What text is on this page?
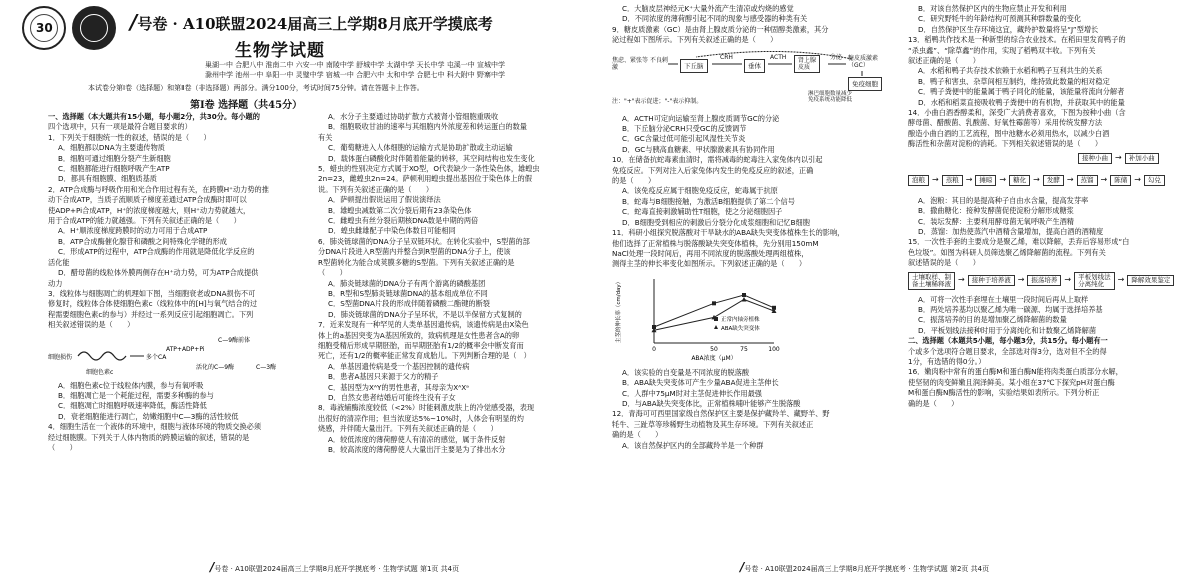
30	/号卷 · A10联盟2024届高三上学期8月底开学摸底考
生物学试题
巢湖一中 合肥八中 淮南二中 六安一中 南陵中学 舒城中学 太湖中学 天长中学 屯溪一中 宣城中学
滁州中学 池州一中 阜阳一中 灵璧中学 宿城一中 合肥六中 太和中学 合肥七中 科大附中 野寨中学
本试卷分第Ⅰ卷（选择题）和第Ⅱ卷（非选择题）两部分。满分100分，考试时间75分钟。请在答题卡上作答。
第Ⅰ卷 选择题（共45分）

一、选择题（本大题共有15小题，每小题2分，共30分。每小题的

四个选项中，只有一项是最符合题目要求的）

1．下列关于细胞统一性的叙述，错误的是（　　）

A．细胞都以DNA为主要遗传物质

B．细胞可通过细胞分裂产生新细胞

C．细胞都能进行细胞呼吸产生ATP

D．都具有细胞膜、细胞质基质

2．ATP合成酶与呼吸作用和光合作用过程有关，在跨膜H⁺动力势的推

动下合成ATP，当质子流顺质子梯度差通过ATP合成酶时即可以

使ADP+Pi合成ATP，H⁺的浓度梯度越大，则H⁺动力势就越大，

用于合成ATP的能力就越强。下列有关叙述正确的是（　　）

A．H⁺顺浓度梯度跨膜时的动力可用于合成ATP

B．ATP合成酶催化腺苷和磷酸之间特殊化学键的形成

C．形成ATP的过程中，ATP合成酶的作用就是降低化学反应的

活化能

D．醋母菌的线粒体外膜两侧存在H⁺动力势，可为ATP合成提供

动力

3．线粒体与细胞凋亡的机理如下图，当细胞衰老或DNA损伤不可

修复时，线粒体合体使细胞色素c（线粒体中的[H]与氧气结合的过

程需要细胞色素c的参与）并经过一系列反应引起细胞凋亡。下列

相关叙述错误的是（　　）

细胞损伤
细胞色素c
多个CA
ATP+ADP+Pi
C—9酶前体
活化的C—9酶	C—3酶

A．细胞色素c位于线粒体内膜，参与有氧呼吸

B．细胞凋亡是一个耗能过程，需要多种酶的参与

C．细胞凋亡时细胞呼吸速率降低，酶活性降低

D．衰老细胞能进行凋亡，幼嫩细胞中C—3酶的活性较低

4．细胞生活在一个液体的环境中，细胞与液体环境的物质交换必须

经过细胞膜。下列关于人体内物质的跨膜运输的叙述，错误的是

（　　）

A．水分子主要通过协助扩散方式被肾小管细胞重吸收

B．细胞吸收甘油的速率与其细胞内外浓度差和转运蛋白的数量

有关

C．葡萄糖进入人体细胞的运输方式是协助扩散或主动运输

D．载体蛋白磷酸化时伴随着能量的转移，其空间结构也发生变化

5．蜡虫的性别决定方式属于XO型，O代表缺少一条性染色体，雄蝗虫

2n=23，雌蝗虫2n=24。萨顿利用蝗虫提出基因位于染色体上的假

说。下列有关叙述正确的是（　　）

A．萨顿提出假说运用了假说演绎法

B．雄蝗虫减数第二次分裂后期有23条染色体

C．雌蝗虫有丝分裂后期核DNA数是中期的两倍

D．蝗虫雌雄配子中染色体数目可能相同

6．肺炎链球菌的DNA分子呈双链环状。在转化实验中，S型菌的部

分DNA片段进入R型菌内并整合到R型菌的DNA分子上，使该

R型菌转化为能合成荚膜多糖的S型菌。下列有关叙述正确的是

（　　）

A．肺炎链球菌的DNA分子有两个游离的磷酸基团

B．R型和S型肺炎链球菌DNA的基本组成单位不同

C．S型菌DNA片段的形成伴随着磷酸二酯键的断裂

D．肺炎链球菌的DNA分子呈环状，不是以半保留方式复制的

7．近来发现有一种罕见的人类单基因遗传病，该遗传病是由X染色

体上的a基因突变为A基因所致的，致病机理是女性患者含A的卵

细胞受精后形成早期胚胎，而早期胚胎有1/2的概率会中断发育而

死亡，还有1/2的概率能正常发育成胎儿。下列判断合理的是（　）

A．单基因遗传病是受一个基因控制的遗传病

B．患者A基因只来源于父方的精子

C．基因型为XᴬY的男性患者，其母亲为XᴬXᵃ

D．自然女患者结婚后可能终生没有子女

8．毒液辅酶浓度较低（<2%）时能刺激皮肤上的冷觉感受器，表现

出很好的清凉作用；但当浓度达5%~10%时，人体会有明显的灼

烧感，并伴随大量出汗。下列有关叙述正确的是（　　）

A．较低浓度的薄荷醇使人有清凉的感觉，属于条件反射

B．较高浓度的薄荷醇使人大量出汗主要是为了排出水分

/号卷 · A10联盟2024届高三上学期8月底开学摸底考 · 生物学试题 第1页 共4页

C．大脑皮层神经元K⁺大量外流产生清凉或灼烧的感觉

D．不同浓度的薄荷醇引起不同的现象与感受器的种类有关

9．糖皮质激素（GC）是由肾上腺皮质分泌的一种固醇类激素，其分

泌过程如下图所示。下列有关叙述正确的是（　　）

焦虑、紧张等 不良刺激	下丘脑
CRH
垂体
ACTH	肾上腺
皮质
分泌 糖皮质激素
（GC）
免疫细胞
淋巴细胞数量减少
免疫系统功能降低
注："+"表示促进；"-"表示抑制。

A．ACTH可定向运输至肾上腺皮质调节GC的分泌

B．下丘脑分泌CRH只受GC的反馈调节

C．GC含量过低可能引起风湿性关节炎

D．GC与胰高血糖素、甲状腺激素具有协同作用

10．在储备抗蛇毒素血清时，需将减毒的蛇毒注入家兔体内以引起

免疫反应。下列对注入后家兔体内发生的免疫反应的叙述，正确

的是（　　）

A．该免疫反应属于细胞免疫反应，蛇毒属于抗原

B．蛇毒与B细胞接触，为激活B细胞提供了第二个信号

C．蛇毒直接刺激辅助性T细胞，使之分泌细胞因子

D．B细胞受到相应的刺激后分裂分化成浆细胞和记忆B细胞

11．科研小组探究脱落酸对干旱缺水的ABA缺失突变体植株生长的影响，

他们选择了正常植株与脱落酸缺失突变体植株，先分别用150mM

NaCl处理一段时间后，再用不同浓度的脱落酸处理两组植株，

测得主茎的伸长率变化如图所示。下列叙述正确的是（　　）

0	50	75	100
ABA浓度（μM）
主茎的伸长率（cm/day）	正常内轴旁植株
ABA缺失突变体

A．该实验的自变量是不同浓度的脱落酸

B．ABA缺失突变体可产生少量ABA促进主茎伸长

C．人群中75μM时对主茎促进伸长作用最强

D．与ABA缺失突变体比，正常植株哺叶能够产生脱落酸

12．青海可可西里国家级自然保护区主要是保护藏羚羊、藏野羊、野

牦牛、三趾草等珍稀野生动植物及其生存环境。下列有关叙述正

确的是（　　）

A．该自然保护区内的全部藏羚羊是一个种群

B．对该自然保护区内的生物应禁止开发和利用

C．研究野牦牛的年龄结构可预测其种群数量的变化

D．自然保护区生存环境这宜，藏羚护数量将呈“J”型增长

13．稻鸭共作技术是一种新型的综合农业技术。在稻田里发育鸭子的

“杀虫鑫”、“除草鑫”的作用，实现了稻鸭双丰收。下列有关

叙述正确的是（　　）

A．水稻和鸭子共存技术依赖于水稻和鸭子互利共生的关系

B．鸭子和害虫、杂草间相互制约，维持致此数量的相对稳定

C．鸭子粪便中的能量属于鸭子同化的能量，该能量将流向分解者

D．水稻和稻菜直接吸收鸭子粪便中的有机物，并获取其中的能量

14．小曲白酒香醇柔和，深受广大消费者喜欢，下图为按种小曲（含

酵母菌、醋酸菌、乳酸菌、好氧性霉菌等）采用传统发酵方法

酿造小曲白酒的工艺流程，图中池糖水必须用热水，以减少白酒

酶活性和杂菌对淀粉的消耗。下列相关叙述错误的是（　　）

接种小曲 →	补加小曲
泡粮 →	蒸粮 →	摊晾 →	糖化 →	发酵 →	蒸馏 →	陈储 →	勾兑

A．泡粮：其目的是提高种子自由水含量，提高发芽率

B．撒曲糖化：接种发酵菌促使淀粉分解形成糖浆

C．装坛发酵：主要利用酵母菌无氧呼吸产生酒精

D．蒸馏：加热使蒸汽中酒精含量增加，提高白酒的酒精度

15．一次性手套的主要成分是聚乙烯，难以降解，丢弃后容易形成“白

色垃圾”。如图为科研人员筛选聚乙烯降解菌的流程。下列有关

叙述错误的是（　　）

土壤取样、制
备土壤稀释液 →	接种于培养液 →	振荡培养 →	平板划线法
分离纯化	→	降解效果鉴定

A．可将一次性手套埋在土壤里一段时间后再从上取样

B．两处培养基均以聚乙烯为唯一碳源、均属于选择培养基

C．振荡培养的目的是增加聚乙烯降解菌的数量

D．平板划线法接种时用于分离纯化和计数聚乙烯降解菌

二、选择题（本题共5小题，每小题3分，共15分。每小题有一

个或多个选项符合题目要求，全部选对得3分，选对但不全的得

1分，有选错的得0分。）

16．嫩肉粉中常有的蛋白酶M和蛋白酶N能将肉类蛋白质部分水解，

使坚韧的肉变鲜嫩且润泽鲜美。某小组在37℃下探究pH对蛋白酶

M和蛋白酶N酶活性的影响，实验结果如表所示。下列分析正

确的是（　　）

/号卷 · A10联盟2024届高三上学期8月底开学摸底考 · 生物学试题 第2页 共4页
